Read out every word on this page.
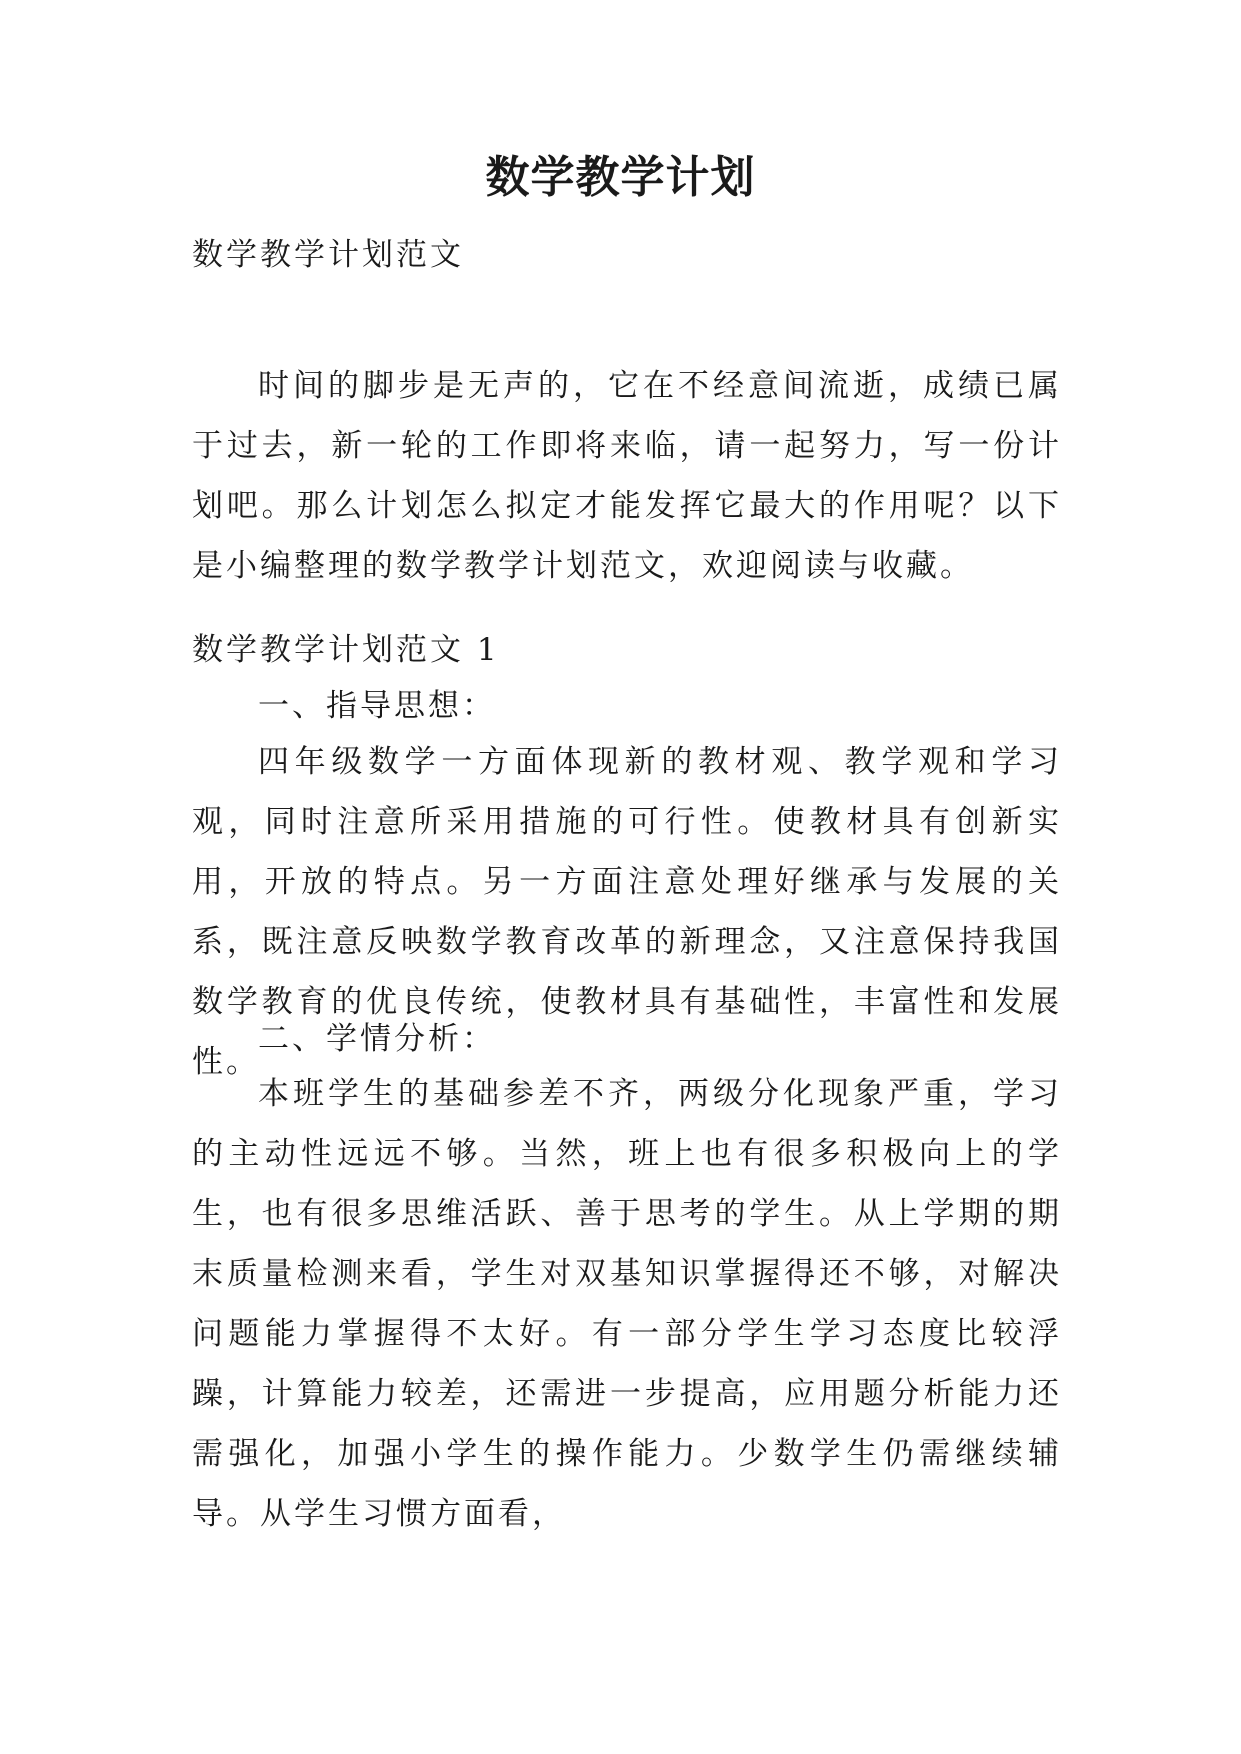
数学教学计划

数学教学计划范文

时间的脚步是无声的，它在不经意间流逝，成绩已属于过去，新一轮的工作即将来临，请一起努力，写一份计划吧。那么计划怎么拟定才能发挥它最大的作用呢？以下是小编整理的数学教学计划范文，欢迎阅读与收藏。

数学教学计划范文 1

一、指导思想：

四年级数学一方面体现新的教材观、教学观和学习观，同时注意所采用措施的可行性。使教材具有创新实用，开放的特点。另一方面注意处理好继承与发展的关系，既注意反映数学教育改革的新理念，又注意保持我国数学教育的优良传统，使教材具有基础性，丰富性和发展性。

二、学情分析：

本班学生的基础参差不齐，两级分化现象严重，学习的主动性远远不够。当然，班上也有很多积极向上的学生，也有很多思维活跃、善于思考的学生。从上学期的期末质量检测来看，学生对双基知识掌握得还不够，对解决问题能力掌握得不太好。有一部分学生学习态度比较浮躁，计算能力较差，还需进一步提高，应用题分析能力还需强化，加强小学生的操作能力。少数学生仍需继续辅导。从学生习惯方面看，
